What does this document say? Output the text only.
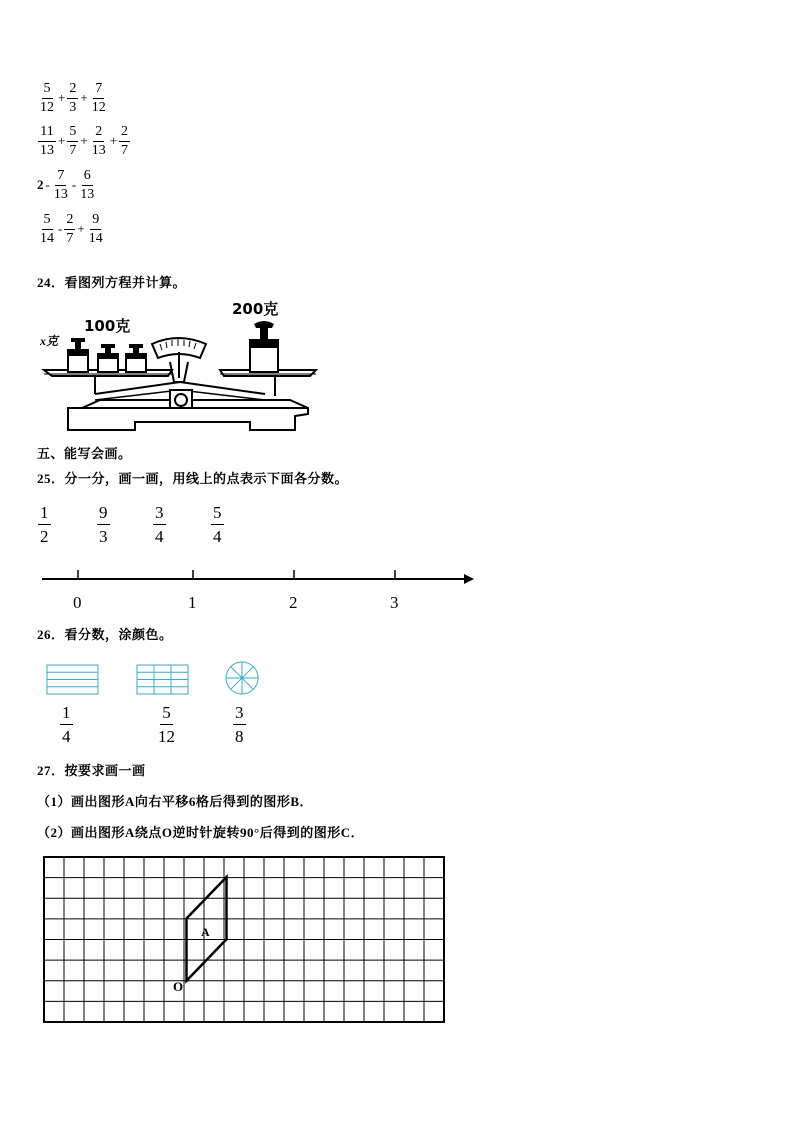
$\frac{5}{12} + \frac{2}{3} + \frac{7}{12}$
$\frac{11}{13} + \frac{5}{7} + \frac{2}{13} + \frac{2}{7}$
$2 - \frac{7}{13} - \frac{6}{13}$
$\frac{5}{14} - \frac{2}{7} + \frac{9}{14}$
24．看图列方程并计算。
x克
100克
200克
五、能写会画。
25．分一分，画一画，用线上的点表示下面各分数。
$\frac{1}{2}$	$\frac{9}{3}$	$\frac{3}{4}$	$\frac{5}{4}$
0	1	2	3
26．看分数，涂颜色。
$\frac{1}{4}$	$\frac{5}{12}$	$\frac{3}{8}$
27．按要求画一画
（1）画出图形A向右平移6格后得到的图形B．
（2）画出图形A绕点O逆时针旋转90°后得到的图形C．
A
O
